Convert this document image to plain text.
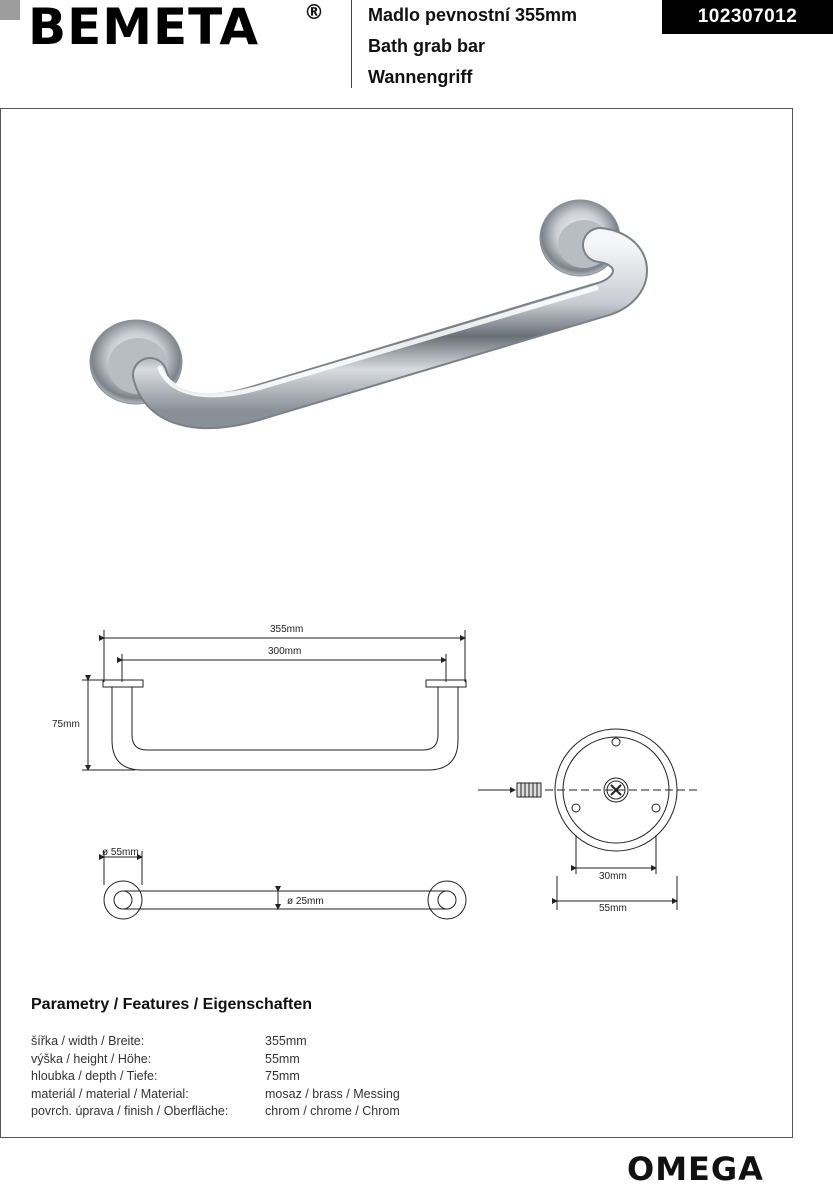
BEMETA ® Madlo pevnostní 355mm
Bath grab bar
Wannengriff
102307012
355mm
300mm
75mm
ø 55mm
ø 25mm
30mm
55mm
Parametry / Features / Eigenschaften
šířka / width / Breite:	355mm
výška / height / Höhe:	55mm
hloubka / depth / Tiefe:	75mm
materiál / material / Material:	mosaz / brass / Messing
povrch. úprava / finish / Oberfläche:	chrom / chrome / Chrom
OMEGA
